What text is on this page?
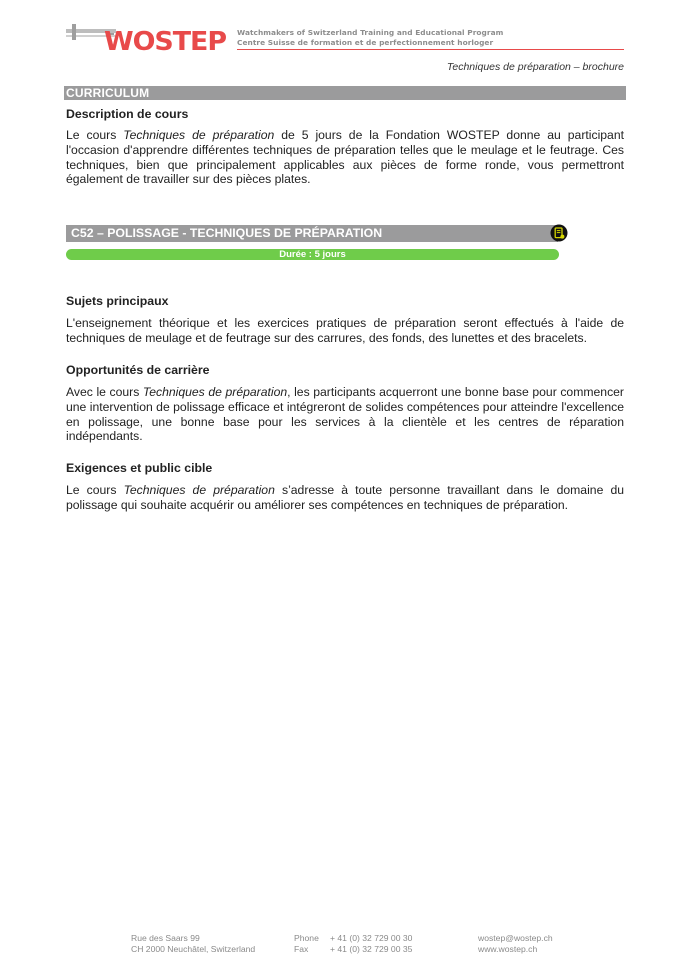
WOSTEP Watchmakers of Switzerland Training and Educational Program
Centre Suisse de formation et de perfectionnement horloger
Techniques de préparation – brochure
CURRICULUM
Description de cours

Le cours Techniques de préparation de 5 jours de la Fondation WOSTEP donne au participant l'occasion d'apprendre différentes techniques de préparation telles que le meulage et le feutrage. Ces techniques, bien que principalement applicables aux pièces de forme ronde, vous permettront également de travailler sur des pièces plates.

C52 – POLISSAGE - TECHNIQUES DE PRÉPARATION
Durée : 5 jours
Sujets principaux

L'enseignement théorique et les exercices pratiques de préparation seront effectués à l'aide de techniques de meulage et de feutrage sur des carrures, des fonds, des lunettes et des bracelets.

Opportunités de carrière

Avec le cours Techniques de préparation, les participants acquerront une bonne base pour commencer une intervention de polissage efficace et intégreront de solides compétences pour atteindre l'excellence en polissage, une bonne base pour les services à la clientèle et les centres de réparation indépendants.

Exigences et public cible

Le cours Techniques de préparation s’adresse à toute personne travaillant dans le domaine du polissage qui souhaite acquérir ou améliorer ses compétences en techniques de préparation.

Rue des Saars 99
CH 2000 Neuchâtel, Switzerland
Phone
Fax
+ 41 (0) 32 729 00 30
+ 41 (0) 32 729 00 35
wostep@wostep.ch
www.wostep.ch
